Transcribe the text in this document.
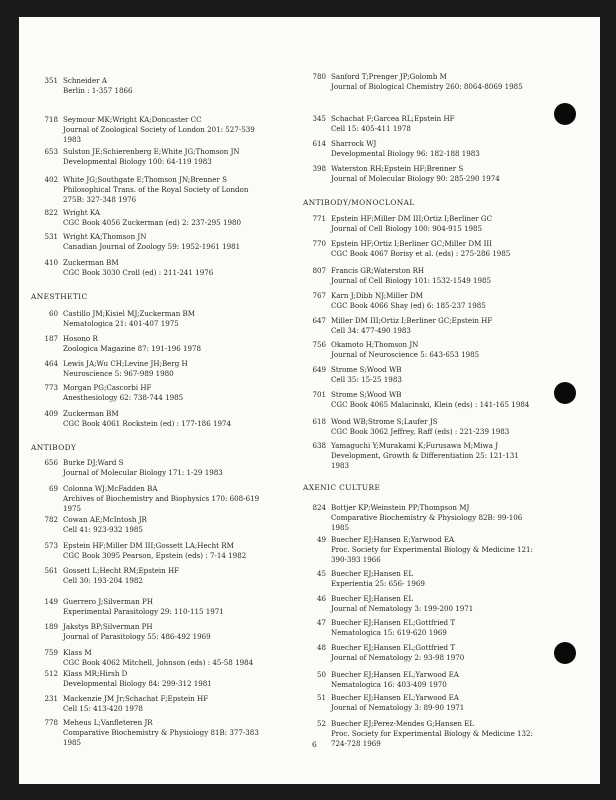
351 Schneider A
Berlin : 1-357 1866
718 Seymour MK;Wright KA;Doncaster CC
Journal of Zoological Society of London 201: 527-539
1983
653 Sulston JE;Schierenberg E;White JG;Thomson JN
Developmental Biology 100: 64-119 1983
402 White JG;Southgate E;Thomson JN;Brenner S
Philosophical Trans. of the Royal Society of London
275B: 327-348 1976
822 Wright KA
CGC Book 4056 Zuckerman (ed) 2: 237-295 1980
531 Wright KA;Thomson JN
Canadian Journal of Zoology 59: 1952-1961 1981
410 Zuckerman BM
CGC Book 3030 Croll (ed) : 211-241 1976
ANESTHETIC
60 Castillo JM;Kisiel MJ;Zuckerman BM
Nematologica 21: 401-407 1975
187 Hosono R
Zoologica Magazine 87: 191-196 1978
464 Lewis JA;Wu CH;Levine JH;Berg H
Neuroscience 5: 967-989 1980
773 Morgan PG;Cascorbi HF
Anesthesiology 62: 738-744 1985
409 Zuckerman BM
CGC Book 4061 Rockstein (ed) : 177-186 1974
ANTIBODY
656 Burke DJ;Ward S
Journal of Molecular Biology 171: 1-29 1983
69 Colonna WJ;McFadden BA
Archives of Biochemistry and Biophysics 170: 608-619
1975
782 Cowan AE;McIntosh JR
Cell 41: 923-932 1985
573 Epstein HF;Miller DM III;Gossett LA;Hecht RM
CGC Book 3095 Pearson, Epstein (eds) : 7-14 1982
561 Gossett L;Hecht RM;Epstein HF
Cell 30: 193-204 1982
149 Guerrero J;Silverman PH
Experimental Parasitology 29: 110-115 1971
189 Jakstys BP;Silverman PH
Journal of Parasitology 55: 486-492 1969
759 Klass M
CGC Book 4062 Mitchell, Johnson (eds) : 45-58 1984
512 Klass MR;Hirsh D
Developmental Biology 84: 299-312 1981
231 Mackenzie JM Jr;Schachat F;Epstein HF
Cell 15: 413-420 1978
778 Meheus L;Vanfleteren JR
Comparative Biochemistry & Physiology 81B: 377-383
1985
780 Sanford T;Prenger JP;Golomb M
Journal of Biological Chemistry 260: 8064-8069 1985
345 Schachat F;Garcea RL;Epstein HF
Cell 15: 405-411 1978
614 Sharrock WJ
Developmental Biology 96: 182-188 1983
398 Waterston RH;Epstein HF;Brenner S
Journal of Molecular Biology 90: 285-290 1974
ANTIBODY/MONOCLONAL
771 Epstein HF;Miller DM III;Ortiz I;Berliner GC
Journal of Cell Biology 100: 904-915 1985
770 Epstein HF;Ortiz I;Berliner GC;Miller DM III
CGC Book 4067 Borisy et al. (eds) : 275-286 1985
807 Francis GR;Waterston RH
Journal of Cell Biology 101: 1532-1549 1985
767 Karn J;Dibb NJ;Miller DM
CGC Book 4066 Shay (ed) 6: 185-237 1985
647 Miller DM III;Ortiz I;Berliner GC;Epstein HF
Cell 34: 477-490 1983
756 Okamoto H;Thomson JN
Journal of Neuroscience 5: 643-653 1985
649 Strome S;Wood WB
Cell 35: 15-25 1983
701 Strome S;Wood WB
CGC Book 4065 Malacinski, Klein (eds) : 141-165 1984
618 Wood WB;Strome S;Laufer JS
CGC Book 3062 Jeffrey, Raff (eds) : 221-239 1983
638 Yamaguchi Y;Murakami K;Furusawa M;Miwa J
Development, Growth & Differentiation 25: 121-131
1983
AXENIC CULTURE
824 Bottjer KP;Weinstein PP;Thompson MJ
Comparative Biochemistry & Physiology 82B: 99-106
1985
49 Buecher EJ;Hansen E;Yarwood EA
Proc. Society for Experimental Biology & Medicine 121:
390-393 1966
45 Buecher EJ;Hansen EL
Experientia 25: 656- 1969
46 Buecher EJ;Hansen EL
Journal of Nematology 3: 199-200 1971
47 Buecher EJ;Hansen EL;Gottfried T
Nematologica 15: 619-620 1969
48 Buecher EJ;Hansen EL;Gottfried T
Journal of Nematology 2: 93-98 1970
50 Buecher EJ;Hansen EL;Yarwood EA
Nematologica 16: 403-409 1970
51 Buecher EJ;Hansen EL;Yarwood EA
Journal of Nematology 3: 89-90 1971
52 Buecher EJ;Perez-Mendes G;Hansen EL
Proc. Society for Experimental Biology & Medicine 132:
724-728 1969
6
